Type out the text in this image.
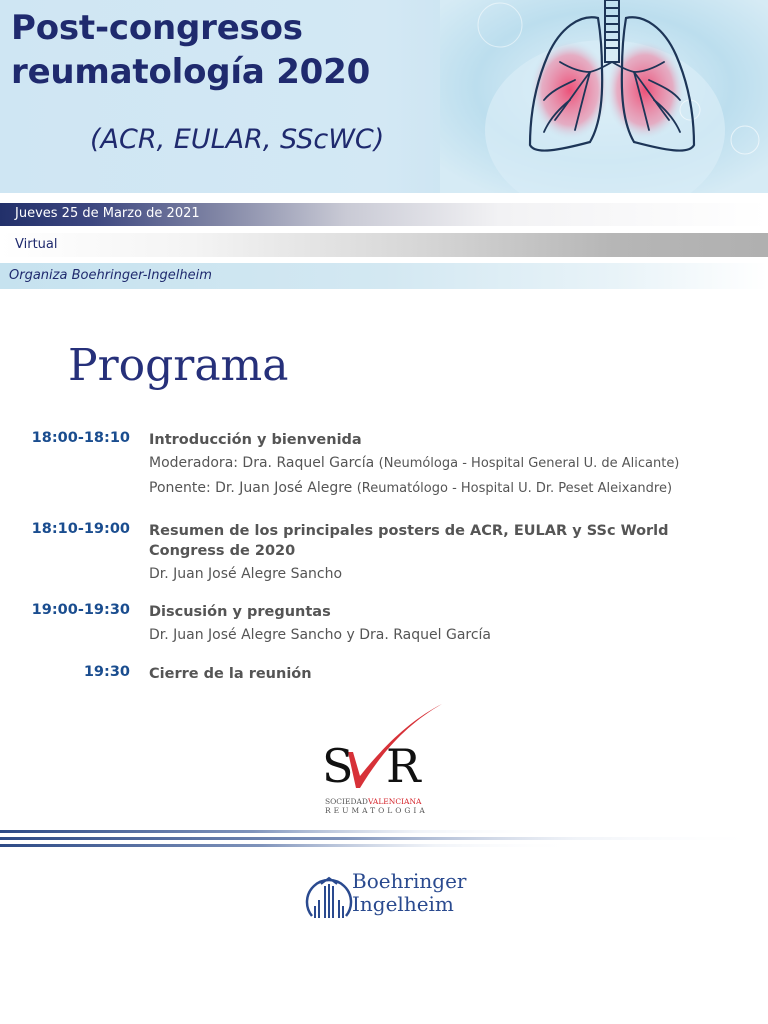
Post-congresos
reumatología 2020
(ACR, EULAR, SScWC)
Jueves 25 de Marzo de 2021
Virtual
Organiza Boehringer-Ingelheim
Programa
18:00-18:10 Introducción y bienvenida
Moderadora: Dra. Raquel García (Neumóloga - Hospital General U. de Alicante)
Ponente: Dr. Juan José Alegre (Reumatólogo - Hospital U. Dr. Peset Aleixandre)
18:10-19:00 Resumen de los principales posters de ACR, EULAR y SSc World
Congress de 2020
Dr. Juan José Alegre Sancho
19:00-19:30 Discusión y preguntas
Dr. Juan José Alegre Sancho y Dra. Raquel García
19:30 Cierre de la reunión
S R
SOCIEDAD VALENCIANA
REUMATOLOGIA
Boehringer
Ingelheim
